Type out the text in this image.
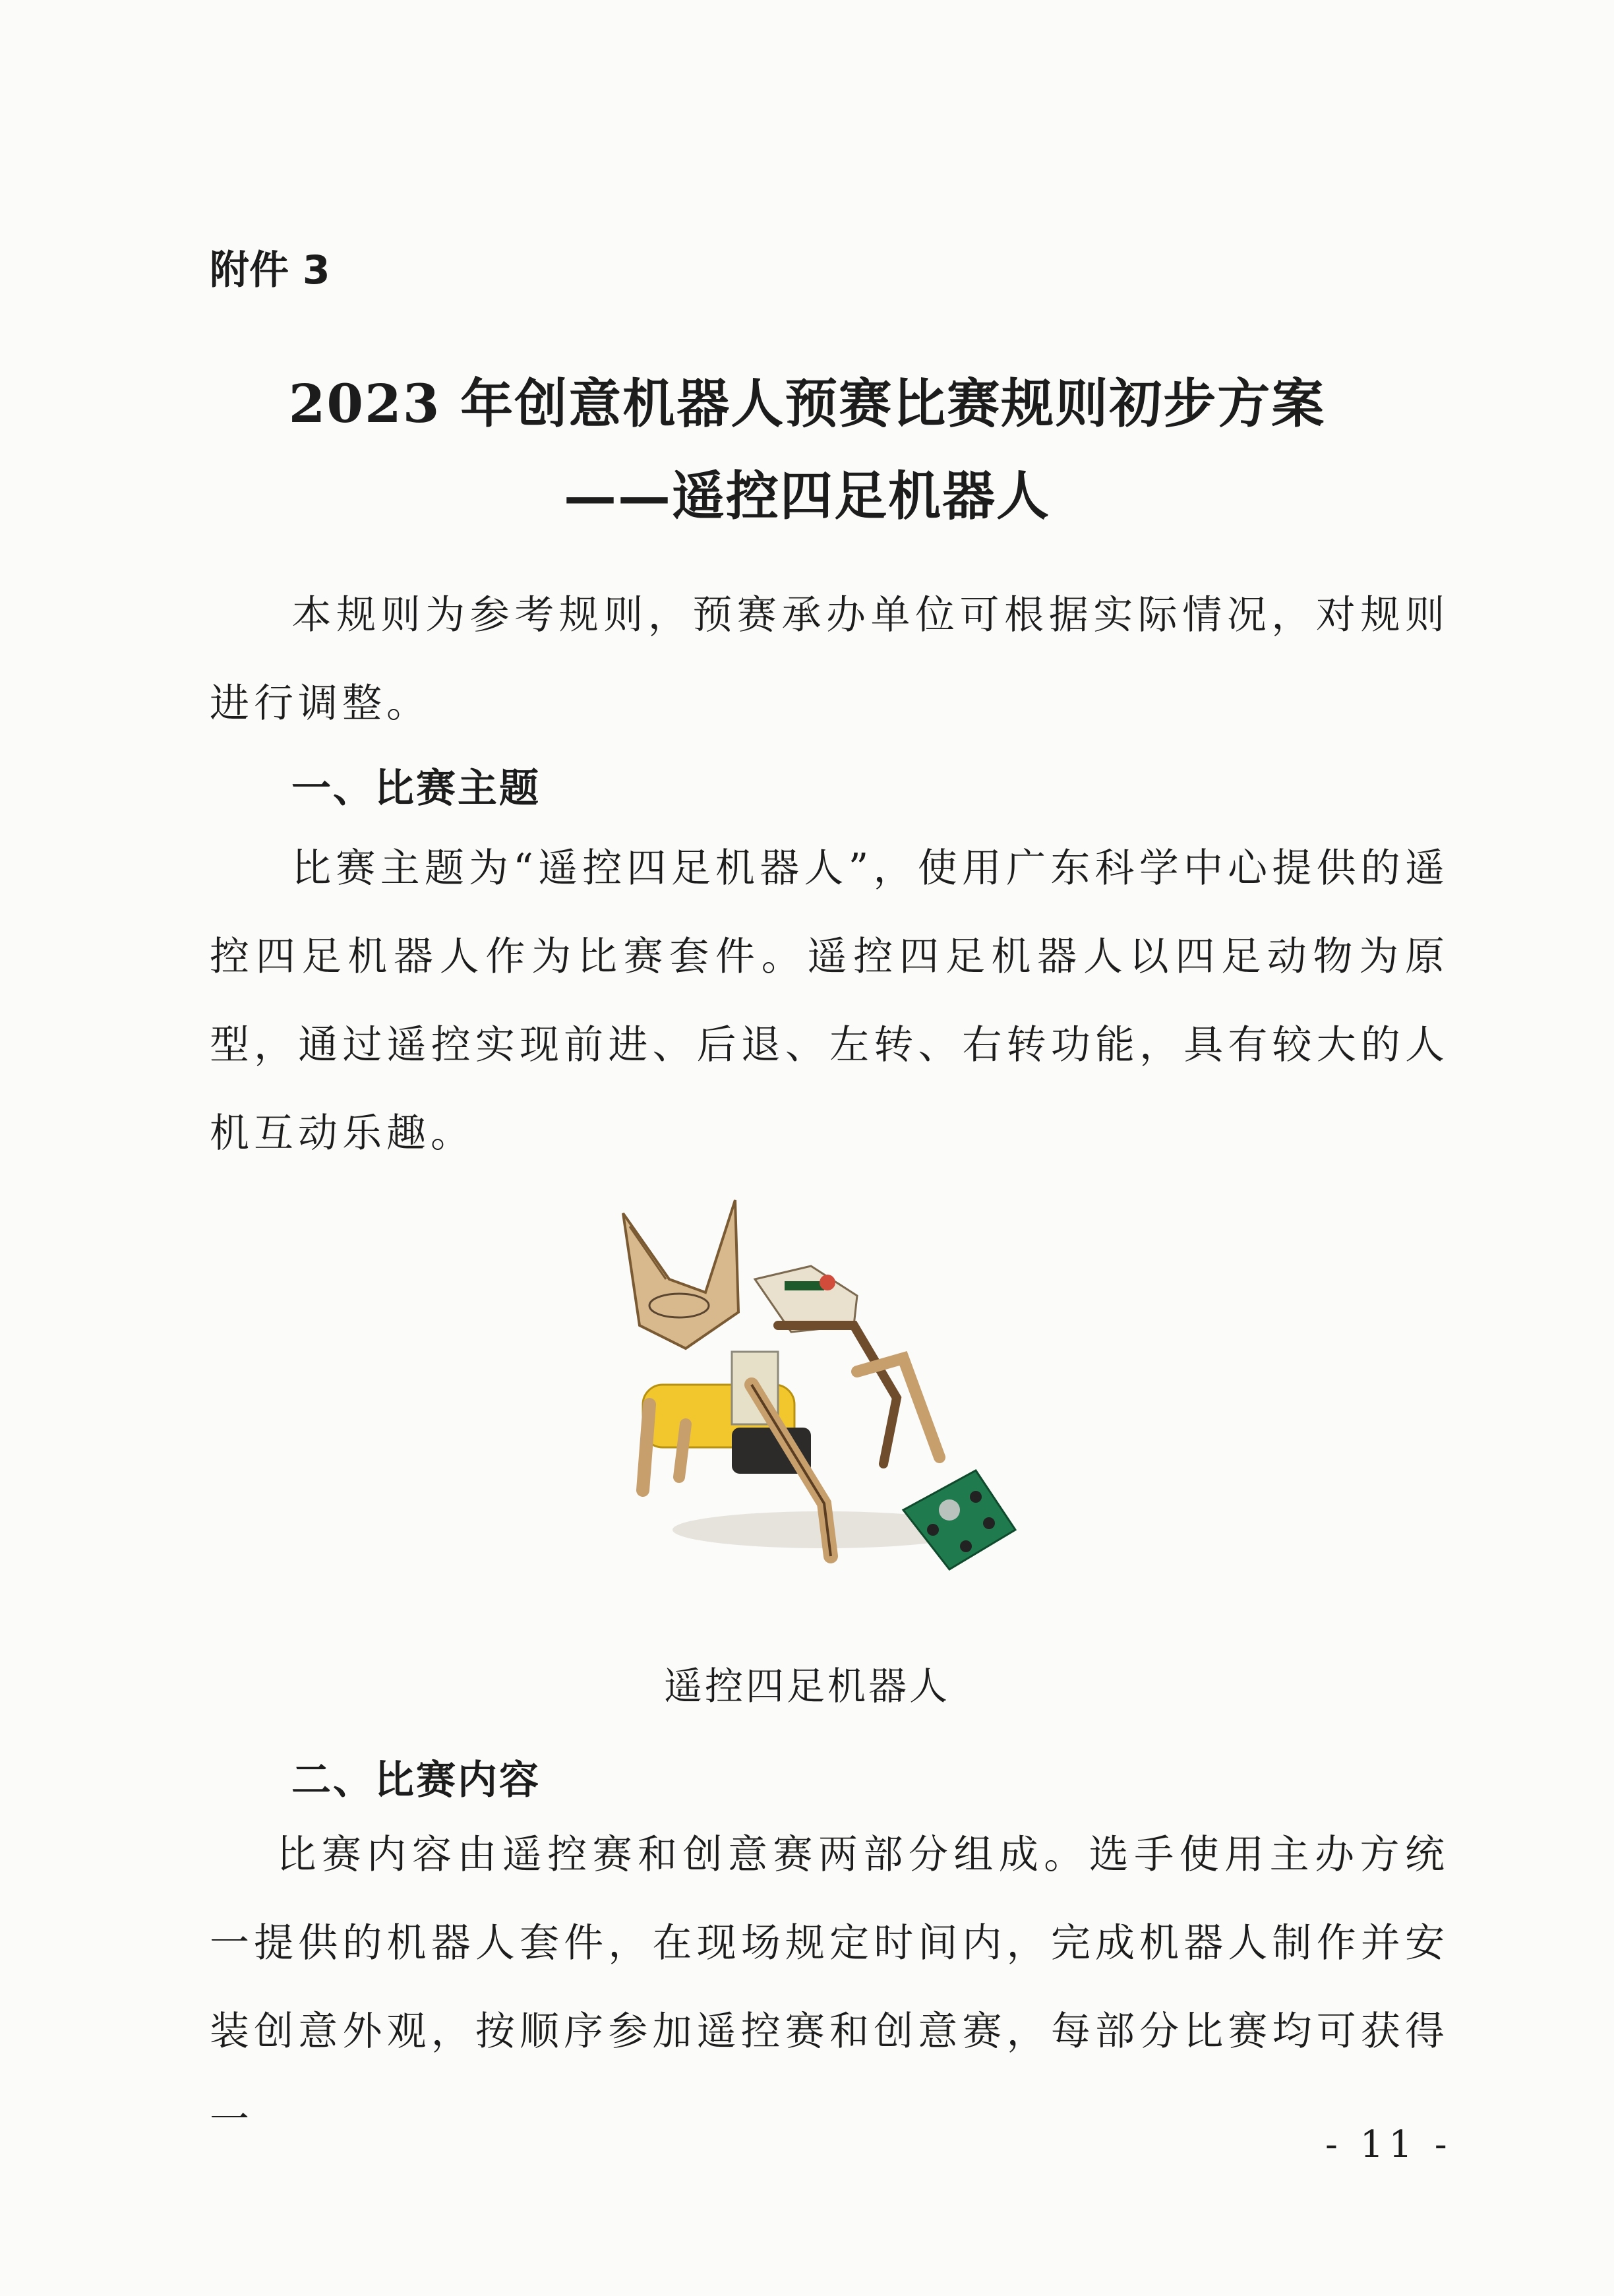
附件 3
2023 年创意机器人预赛比赛规则初步方案
——遥控四足机器人

本规则为参考规则，预赛承办单位可根据实际情况，对规则进行调整。

一、比赛主题

比赛主题为“遥控四足机器人”，使用广东科学中心提供的遥控四足机器人作为比赛套件。遥控四足机器人以四足动物为原型，通过遥控实现前进、后退、左转、右转功能，具有较大的人机互动乐趣。

遥控四足机器人
二、比赛内容

比赛内容由遥控赛和创意赛两部分组成。选手使用主办方统一提供的机器人套件，在现场规定时间内，完成机器人制作并安装创意外观，按顺序参加遥控赛和创意赛，每部分比赛均可获得一

- 11 -
